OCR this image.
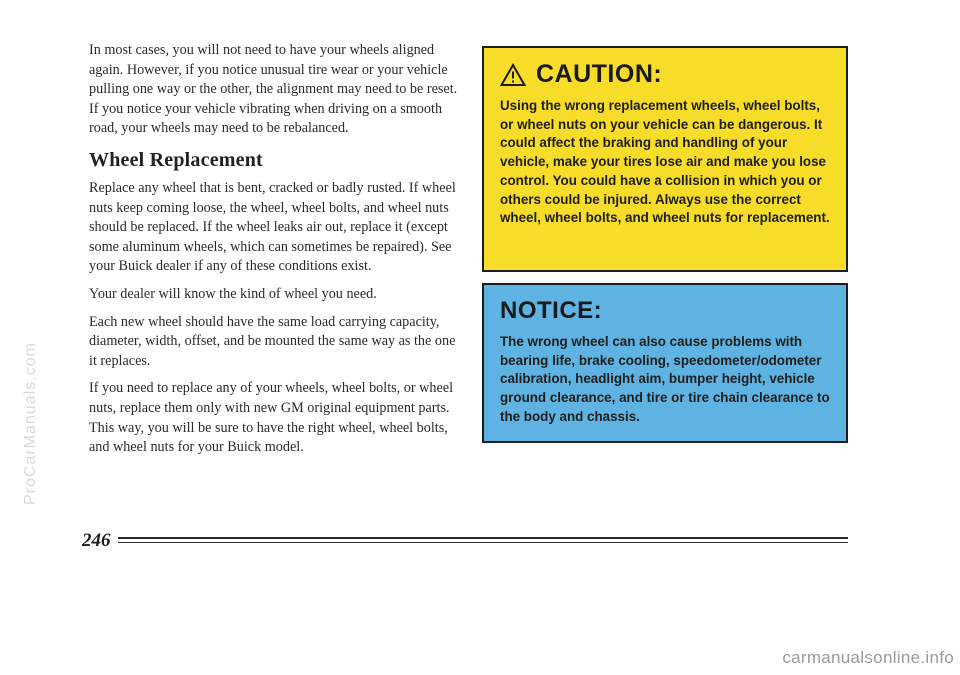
In most cases, you will not need to have your wheels aligned again. However, if you notice unusual tire wear or your vehicle pulling one way or the other, the alignment may need to be reset. If you notice your vehicle vibrating when driving on a smooth road, your wheels may need to be rebalanced.

Wheel Replacement

Replace any wheel that is bent, cracked or badly rusted. If wheel nuts keep coming loose, the wheel, wheel bolts, and wheel nuts should be replaced. If the wheel leaks air out, replace it (except some aluminum wheels, which can sometimes be repaired). See your Buick dealer if any of these conditions exist.

Your dealer will know the kind of wheel you need.

Each new wheel should have the same load carrying capacity, diameter, width, offset, and be mounted the same way as the one it replaces.

If you need to replace any of your wheels, wheel bolts, or wheel nuts, replace them only with new GM original equipment parts. This way, you will be sure to have the right wheel, wheel bolts, and wheel nuts for your Buick model.

CAUTION:
Using the wrong replacement wheels, wheel bolts, or wheel nuts on your vehicle can be dangerous. It could affect the braking and handling of your vehicle, make your tires lose air and make you lose control. You could have a collision in which you or others could be injured. Always use the correct wheel, wheel bolts, and wheel nuts for replacement.
NOTICE:
The wrong wheel can also cause problems with bearing life, brake cooling, speedometer/odometer calibration, headlight aim, bumper height, vehicle ground clearance, and tire or tire chain clearance to the body and chassis.
246
ProCarManuals.com
carmanualsonline.info
